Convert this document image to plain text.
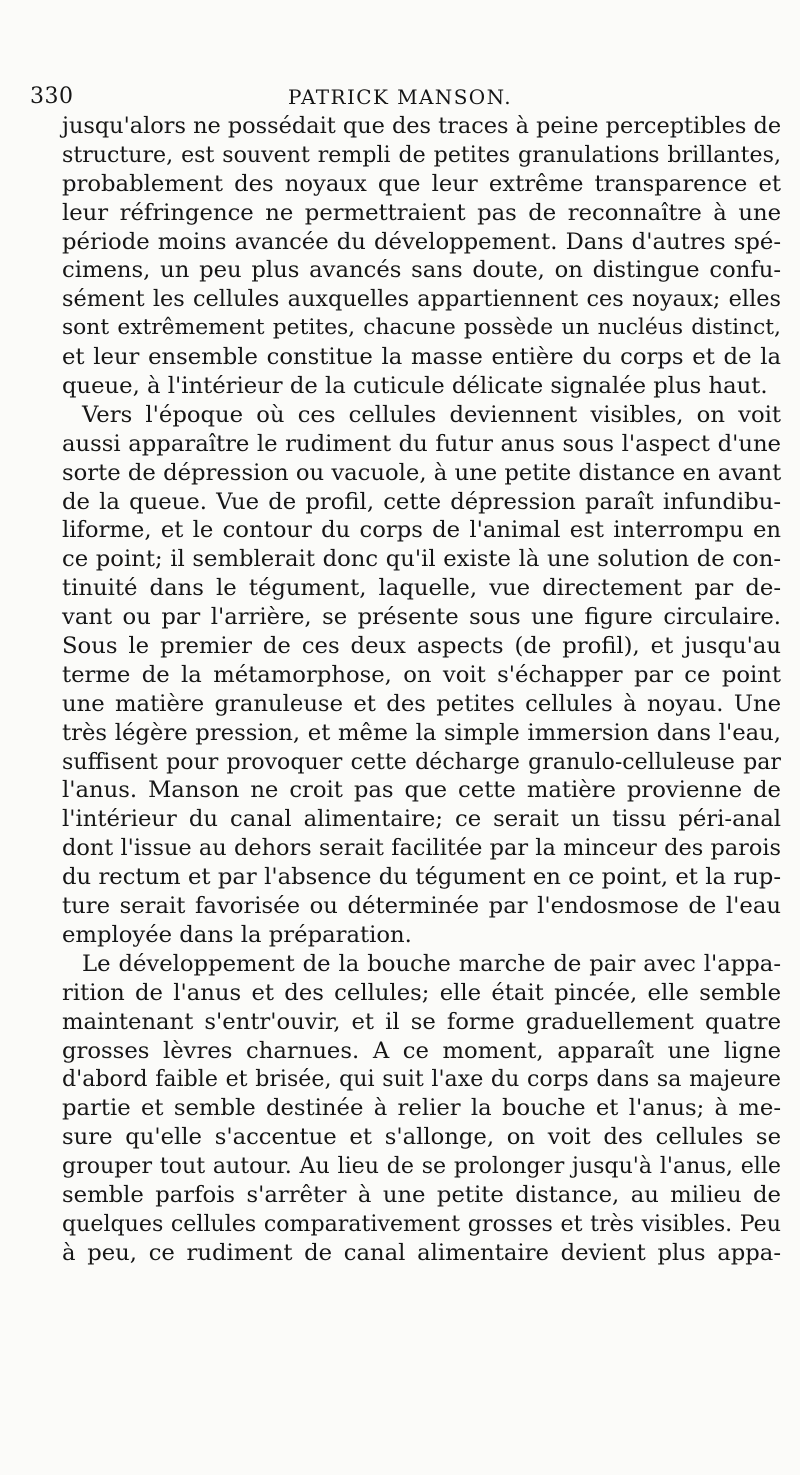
330	PATRICK MANSON.
jusqu'alors ne possédait que des traces à peine perceptibles de
structure, est souvent rempli de petites granulations brillantes,
probablement des noyaux que leur extrême transparence et
leur réfringence ne permettraient pas de reconnaître à une
période moins avancée du développement. Dans d'autres spé-
cimens, un peu plus avancés sans doute, on distingue confu-
sément les cellules auxquelles appartiennent ces noyaux; elles
sont extrêmement petites, chacune possède un nucléus distinct,
et leur ensemble constitue la masse entière du corps et de la
queue, à l'intérieur de la cuticule délicate signalée plus haut.
Vers l'époque où ces cellules deviennent visibles, on voit
aussi apparaître le rudiment du futur anus sous l'aspect d'une
sorte de dépression ou vacuole, à une petite distance en avant
de la queue. Vue de profil, cette dépression paraît infundibu-
liforme, et le contour du corps de l'animal est interrompu en
ce point; il semblerait donc qu'il existe là une solution de con-
tinuité dans le tégument, laquelle, vue directement par de-
vant ou par l'arrière, se présente sous une figure circulaire.
Sous le premier de ces deux aspects (de profil), et jusqu'au
terme de la métamorphose, on voit s'échapper par ce point
une matière granuleuse et des petites cellules à noyau. Une
très légère pression, et même la simple immersion dans l'eau,
suffisent pour provoquer cette décharge granulo-celluleuse par
l'anus. Manson ne croit pas que cette matière provienne de
l'intérieur du canal alimentaire; ce serait un tissu péri-anal
dont l'issue au dehors serait facilitée par la minceur des parois
du rectum et par l'absence du tégument en ce point, et la rup-
ture serait favorisée ou déterminée par l'endosmose de l'eau
employée dans la préparation.
Le développement de la bouche marche de pair avec l'appa-
rition de l'anus et des cellules; elle était pincée, elle semble
maintenant s'entr'ouvir, et il se forme graduellement quatre
grosses lèvres charnues. A ce moment, apparaît une ligne
d'abord faible et brisée, qui suit l'axe du corps dans sa majeure
partie et semble destinée à relier la bouche et l'anus; à me-
sure qu'elle s'accentue et s'allonge, on voit des cellules se
grouper tout autour. Au lieu de se prolonger jusqu'à l'anus, elle
semble parfois s'arrêter à une petite distance, au milieu de
quelques cellules comparativement grosses et très visibles. Peu
à peu, ce rudiment de canal alimentaire devient plus appa-
